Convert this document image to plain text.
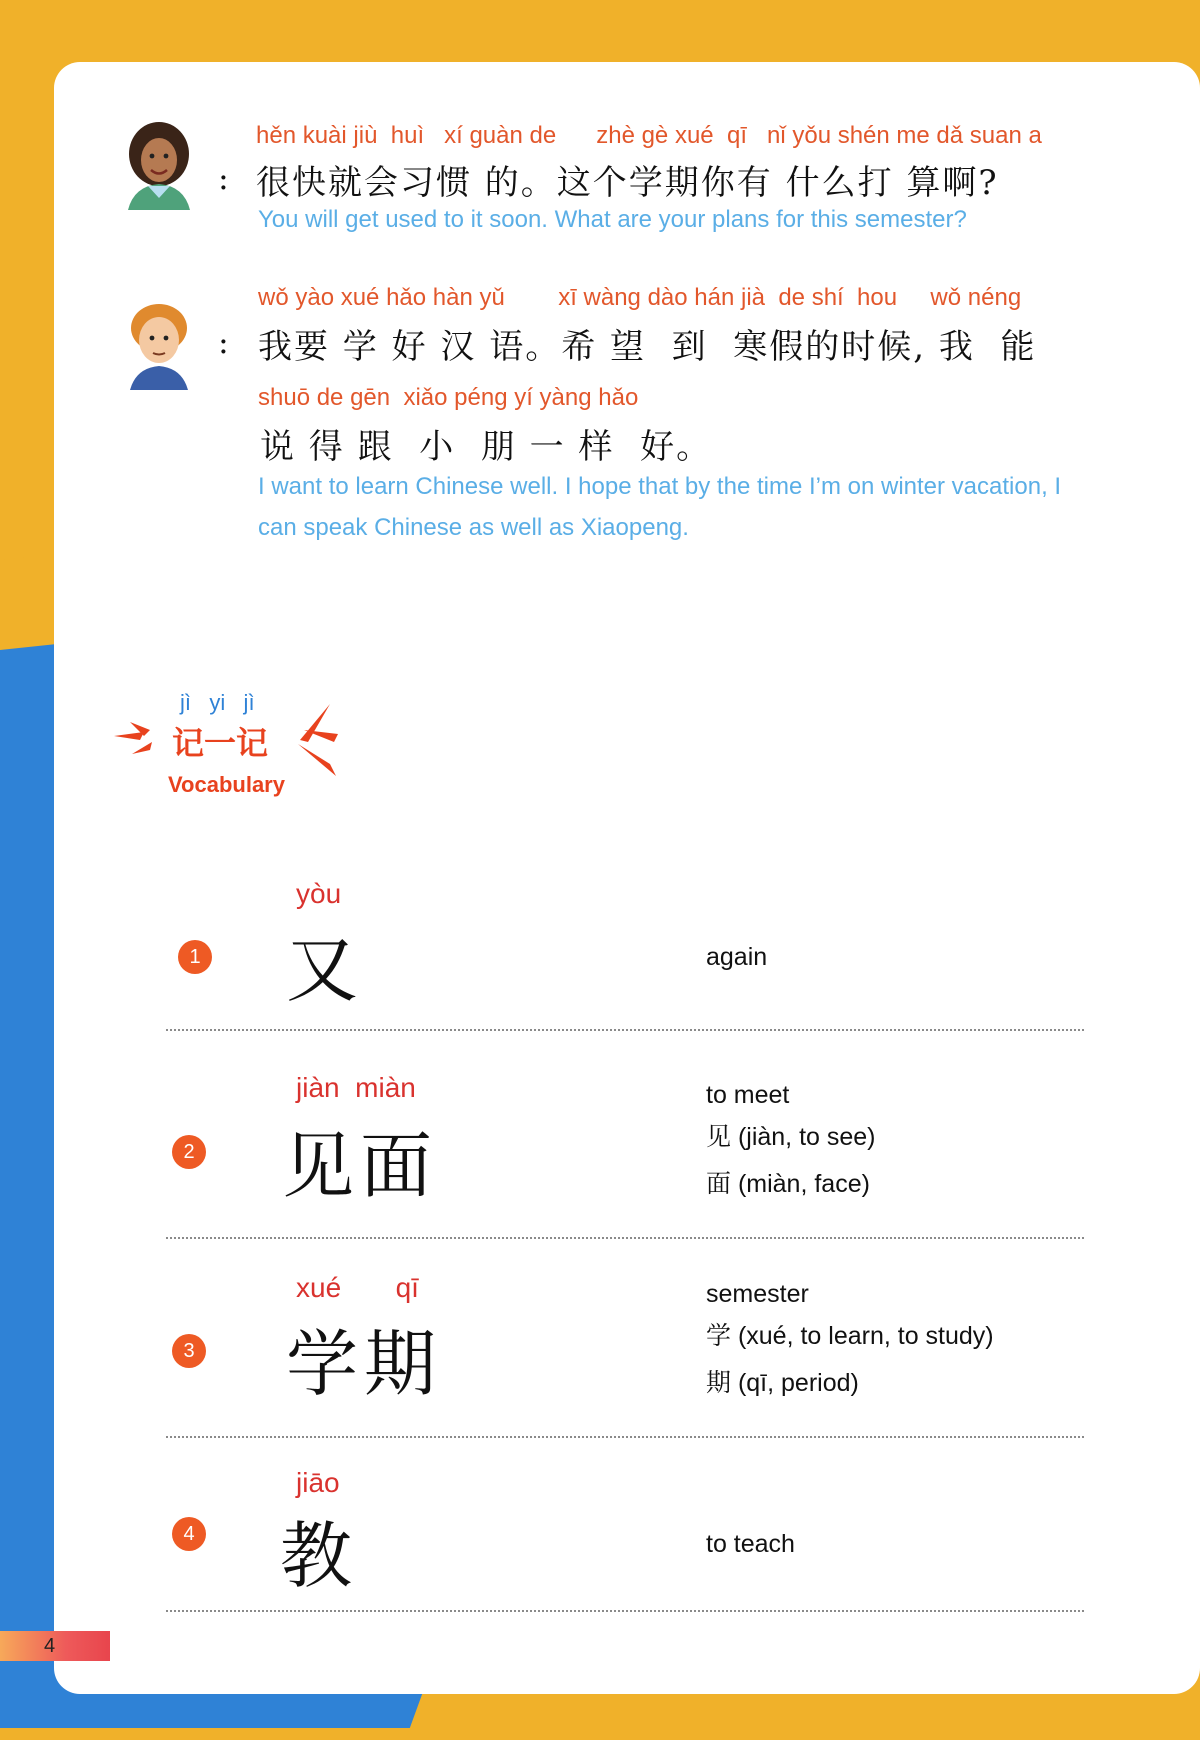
:
hěn kuài jiù  huì   xí guàn de      zhè gè xué  qī   nǐ yǒu shén me dǎ suan a
很快就会习惯 的。这个学期你有 什么打 算啊?
You will get used to it soon. What are your plans for this semester?
:
wǒ yào xué hǎo hàn yǔ        xī wàng dào hán jià  de shí  hou     wǒ néng
我要 学 好 汉 语。希 望  到  寒假的时候, 我  能
shuō de gēn  xiǎo péng yí yàng hǎo
说 得 跟  小  朋 一 样  好。
I want to learn Chinese well. I hope that by the time I’m on winter vacation, I
can speak Chinese as well as Xiaopeng.
jì   yi   jì
记一记
Vocabulary
1
yòu
又	again
2
jiàn  miàn
见面
to meet
见 (jiàn, to see)
面 (miàn, face)
3
xué       qī
学期
semester
学 (xué, to learn, to study)
期 (qī, period)
4
jiāo
教	to teach
4
